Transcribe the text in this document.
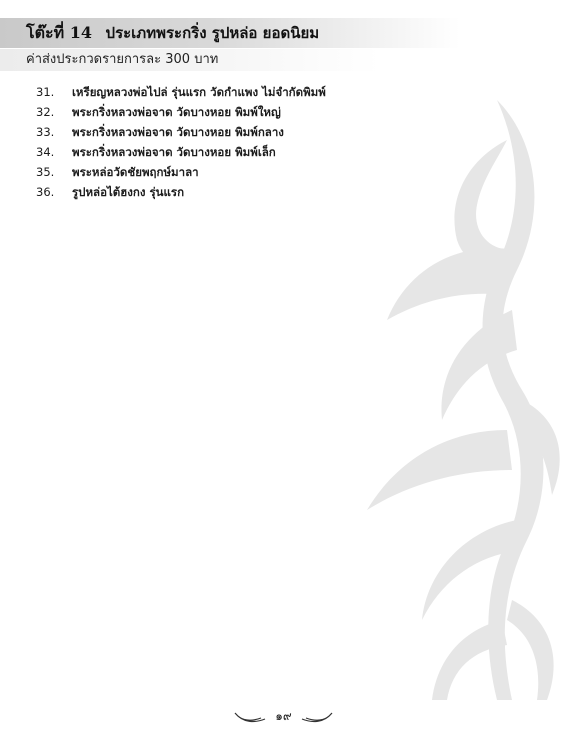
โต๊ะที่ 14 ประเภทพระกริ่ง รูปหล่อ ยอดนิยม
ค่าส่งประกวดรายการละ 300 บาท
31.	เหรียญหลวงพ่อไปล่ รุ่นแรก วัดกำแพง ไม่จำกัดพิมพ์
32.	พระกริ่งหลวงพ่อจาด วัดบางหอย พิมพ์ใหญ่
33.	พระกริ่งหลวงพ่อจาด วัดบางหอย พิมพ์กลาง
34.	พระกริ่งหลวงพ่อจาด วัดบางหอย พิมพ์เล็ก
35.	พระหล่อวัดชัยพฤกษ์มาลา
36.	รูปหล่อไต้ฮงกง รุ่นแรก
๑๙
